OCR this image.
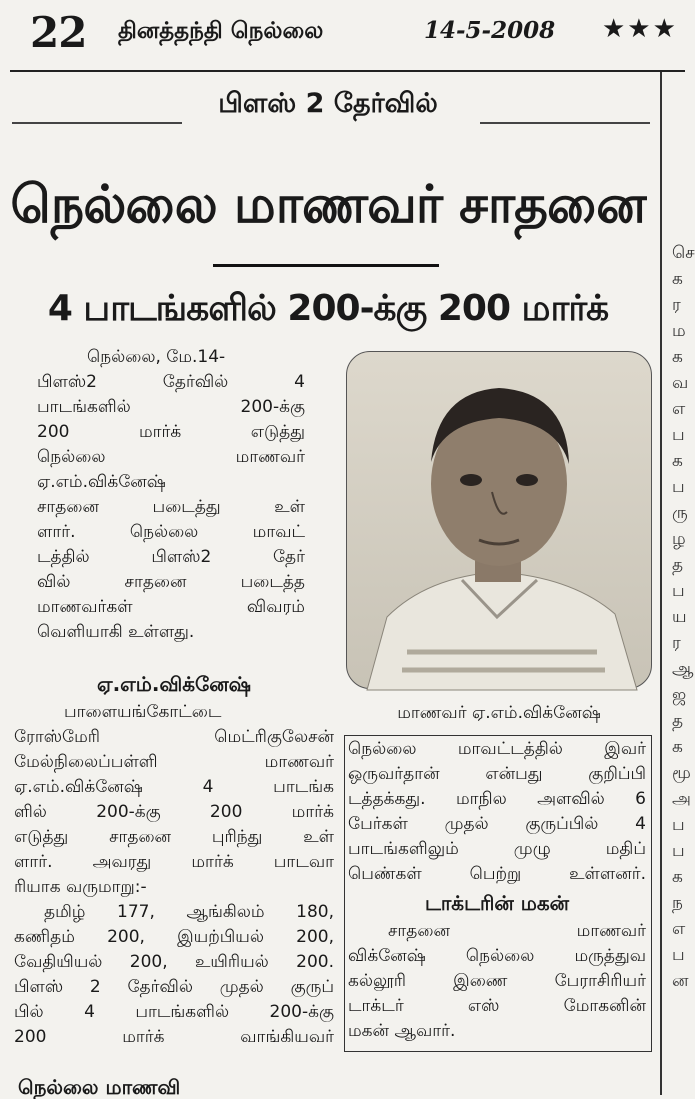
22 தினத்தந்தி நெல்லை	14-5-2008 ★★★
பிளஸ் 2 தேர்வில்
நெல்லை மாணவர் சாதனை
4 பாடங்களில் 200-க்கு 200 மார்க்
நெல்லை, மே.14-
பிளஸ்2 தேர்வில் 4
பாடங்களில் 200-க்கு
200 மார்க் எடுத்து
நெல்லை மாணவர்
ஏ.எம்.விக்னேஷ்
சாதனை படைத்து உள்
ளார். நெல்லை மாவட்
டத்தில் பிளஸ்2 தேர்
வில் சாதனை படைத்த
மாணவர்கள் விவரம்
வெளியாகி உள்ளது.
ஏ.எம்.விக்னேஷ்
பாளையங்கோட்டை
ரோஸ்மேரி மெட்ரிகுலேசன்
மேல்நிலைப்பள்ளி மாணவர்
ஏ.எம்.விக்னேஷ் 4 பாடங்க
ளில் 200-க்கு 200 மார்க்
எடுத்து சாதனை புரிந்து உள்
ளார். அவரது மார்க் பாடவா
ரியாக வருமாறு:-
தமிழ் 177, ஆங்கிலம் 180,
கணிதம் 200, இயற்பியல் 200,
வேதியியல் 200, உயிரியல் 200.
பிளஸ் 2 தேர்வில் முதல் குருப்
பில் 4 பாடங்களில் 200-க்கு
200 மார்க் வாங்கியவர்
மாணவர் ஏ.எம்.விக்னேஷ்
நெல்லை மாவட்டத்தில் இவர்
ஒருவர்தான் என்பது குறிப்பி
டத்தக்கது. மாநில அளவில் 6
பேர்கள் முதல் குருப்பில் 4
பாடங்களிலும் முழு மதிப்
பெண்கள் பெற்று உள்ளனர்.
டாக்டரின் மகன்
சாதனை மாணவர்
விக்னேஷ் நெல்லை மருத்துவ
கல்லூரி இணை பேராசிரியர்
டாக்டர் எஸ் மோகனின்
மகன் ஆவார்.
செ
க
ர
ம
க
வ
எ
ப
க
ப
ரு
ழ
த
ப
ய
ர
ஆ
ஜ
த
க
மூ
அ
ப
ப
க
ந
எ
ப
ன
நெல்லை மாணவி
